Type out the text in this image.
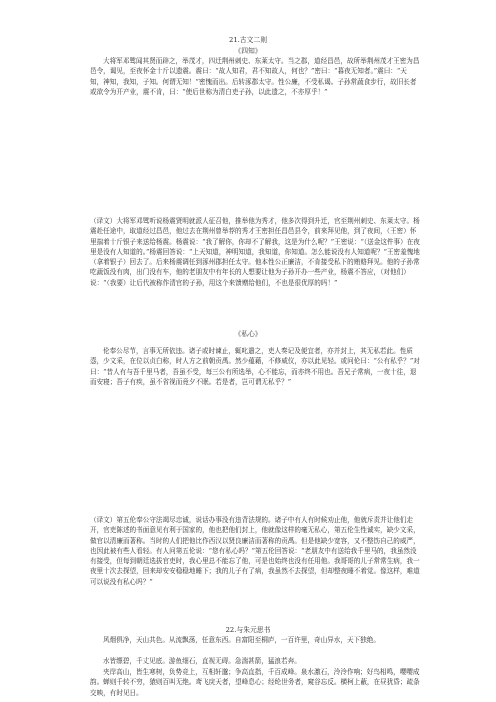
21.古文二则
《四知》

大将军邓骘闻其贤而辟之，举茂才，四迁荆州刺史、东莱太守。当之郡，道经昌邑，故所举荆州茂才王密为昌邑令，谒见，至夜怀金十斤以遗震。震曰：“故人知君，君不知故人，何也？”密曰：“暮夜无知者。”震曰：“天知，神知，我知，子知。何谓无知！”密愧而出。后转涿郡太守。性公廉，不受私谒。子孙常蔬食步行，故旧长者或欲令为开产业，震不肯，曰：“使后世称为清白吏子孙，以此遗之，不亦厚乎！”

（译文）大将军邓骘听说杨震贤明就派人征召他，推举他为秀才，他多次得到升迁，官至荆州刺史、东莱太守。杨震赴任途中，取道经过昌邑，他过去在荆州曾举荐的秀才王密担任昌邑县令，前来拜见他，到了夜间，（王密）怀里揣着十斤银子来送给杨震。杨震说：“我了解你，你却不了解我，这是为什么呢？”王密说：“（送金这件事）在夜里是没有人知道的。”杨震回答说：“上天知道，神明知道，我知道，你知道。怎么能说没有人知道呢？”王密羞愧地（拿着银子）回去了。后来杨震调任到涿州郡担任太守。他本性公正廉洁，不肯接受私下的贿赂拜见。他的子孙常吃蔬饭没有肉，出门没有车，他的老朋友中有年长的人想要让他为子孙开办一些产业，杨震不答应，（对他们）说：“（我要）让后代被称作清官的子孙，用这个来馈赠给他们，不也是很优厚的吗！”

《私心》

伦奉公尽节，言事无所依违。诸子或时谏止，辄叱遣之，吏人奏记及便宜者，亦并封上，其无私若此。性质悫，少文采，在位以贞白称，时人方之前朝贡禹。然少蕴藉，不修威仪，亦以此见轻。或问伦曰：“公有私乎？”对曰：“昔人有与吾千里马者，吾虽不受，每三公有所选举，心不能忘，而亦终不用也。吾兄子常病，一夜十往，退而安寝；吾子有疾，虽不省视而竟夕不眠。若是者，岂可谓无私乎？”

（译文）第五伦奉公守法竭尽忠诚，说话办事没有违背法规的。诸子中有人有时候劝止他，他就斥责并让他们走开，官吏陈述的书面意见有利于国家的，他也把他们封上，他就像这样的毫无私心，第五伦生性诚实，缺少文采，做官以清廉而著称。当时的人们把他比作西汉以贤良廉洁而著称的贡禹。但是他缺少宽容，又不整饬自己的威严，也因此被有些人看轻。有人问第五伦说：“您有私心吗？”第五伦回答说：“老朋友中有送给我千里马的，我虽然没有接受，但每到朝廷选拔官吏时，我心里总不能忘了他，可是也始终也没有任用他。我哥哥的儿子常常生病，我一夜里十次去探望，回来却安安稳稳地睡下；我的儿子有了病，我虽然不去探望，但却整夜睡不着觉。像这样，难道可以说没有私心吗？”

22.与朱元思书

风烟俱净，天山共色。从流飘荡，任意东西。自富阳至桐庐，一百许里，奇山异水，天下独绝。

水皆缥碧，千丈见底。游鱼细石，直视无碍。急湍甚箭，猛浪若奔。

夹岸高山，皆生寒树，负势竞上，互相轩邈；争高直指，千百成峰。泉水激石，泠泠作响；好鸟相鸣，嘤嘤成韵。蝉则千转不穷，猿则百叫无绝。鸢飞戾天者，望峰息心；经纶世务者，窥谷忘反。横柯上蔽，在昼犹昏；疏条交映，有时见日。
